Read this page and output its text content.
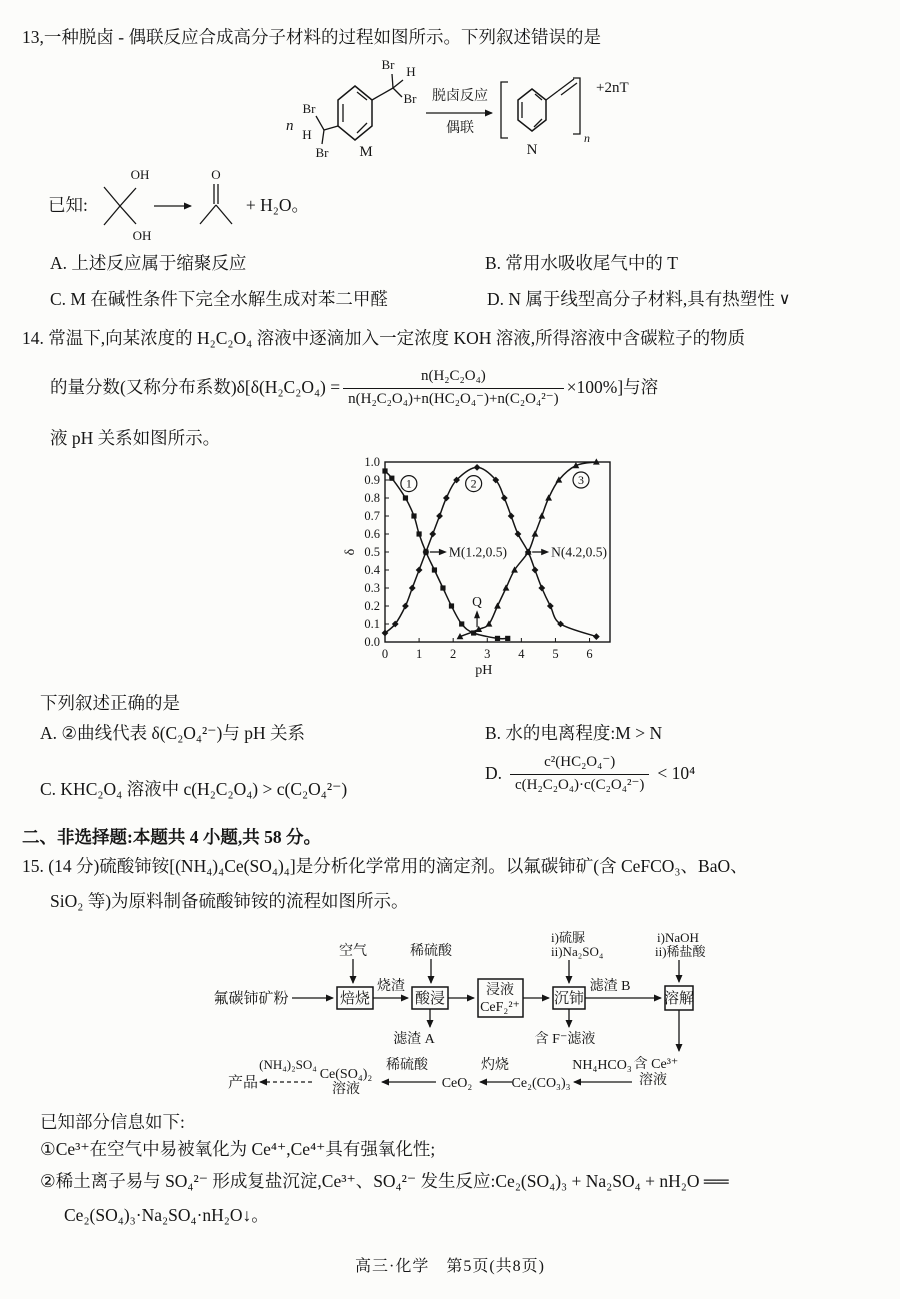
13,一种脱卤 - 偶联反应合成高分子材料的过程如图所示。下列叙述错误的是
Br
H
Br
Br H
Br
n
M
脱卤反应
偶联
n
+2nT
N
已知:
OH
OH
O
+ H₂O。
A. 上述反应属于缩聚反应	B. 常用水吸收尾气中的 T
C. M 在碱性条件下完全水解生成对苯二甲醛	D. N 属于线型高分子材料,具有热塑性 ∨
14. 常温下,向某浓度的 H₂C₂O₄ 溶液中逐滴加入一定浓度 KOH 溶液,所得溶液中含碳粒子的物质
的量分数(又称分布系数)$\delta[\delta(H_2C_2O_4) = \frac{\text{n(H₂C₂O₄)}}{\text{n(H₂C₂O₄)+n(HC₂O₄⁻)+n(C₂O₄²⁻)}} \times 100\%]$与溶
液 pH 关系如图所示。
0 1 2 3 4 5 6
0.0
0.1
0.2
0.3
0.4
0.5
0.6
0.7
0.8
0.9
1.0
pH
δ	M(1.2,0.5)	N(4.2,0.5)
Q
1	2	3
下列叙述正确的是
A. ②曲线代表 δ(C₂O₄²⁻)与 pH 关系	B. 水的电离程度:M > N
C. KHC₂O₄ 溶液中 c(H₂C₂O₄) > c(C₂O₄²⁻)
D. $\frac{\text{c²(HC₂O₄⁻)}}{\text{c(H₂C₂O₄)·c(C₂O₄²⁻)}} < 10^4$
二、非选择题:本题共 4 小题,共 58 分。
15. (14 分)硫酸铈铵[(NH₄)₄Ce(SO₄)₄]是分析化学常用的滴定剂。以氟碳铈矿(含 CeFCO₃、BaO、
SiO₂ 等)为原料制备硫酸铈铵的流程如图所示。
氟碳铈矿粉	焙烧	酸浸
浸液
CeF₂²⁺
沉铈	溶解
空气	稀硫酸
i)硫脲
ii)Na₂SO₄
i)NaOH
ii)稀盐酸
烧渣	滤渣 B
滤渣 A	含 F⁻滤液
含 Ce³⁺
溶液
NH₄HCO₃
Ce₂(CO₃)₃
灼烧
CeO₂
稀硫酸
Ce(SO₄)₂
溶液
(NH₄)₂SO₄
产品
已知部分信息如下:
①Ce³⁺在空气中易被氧化为 Ce⁴⁺,Ce⁴⁺具有强氧化性;
②稀土离子易与 SO₄²⁻ 形成复盐沉淀,Ce³⁺、SO₄²⁻ 发生反应:Ce₂(SO₄)₃ + Na₂SO₄ + nH₂O ══
Ce₂(SO₄)₃·Na₂SO₄·nH₂O↓。
高三·化学　第5页(共8页)
